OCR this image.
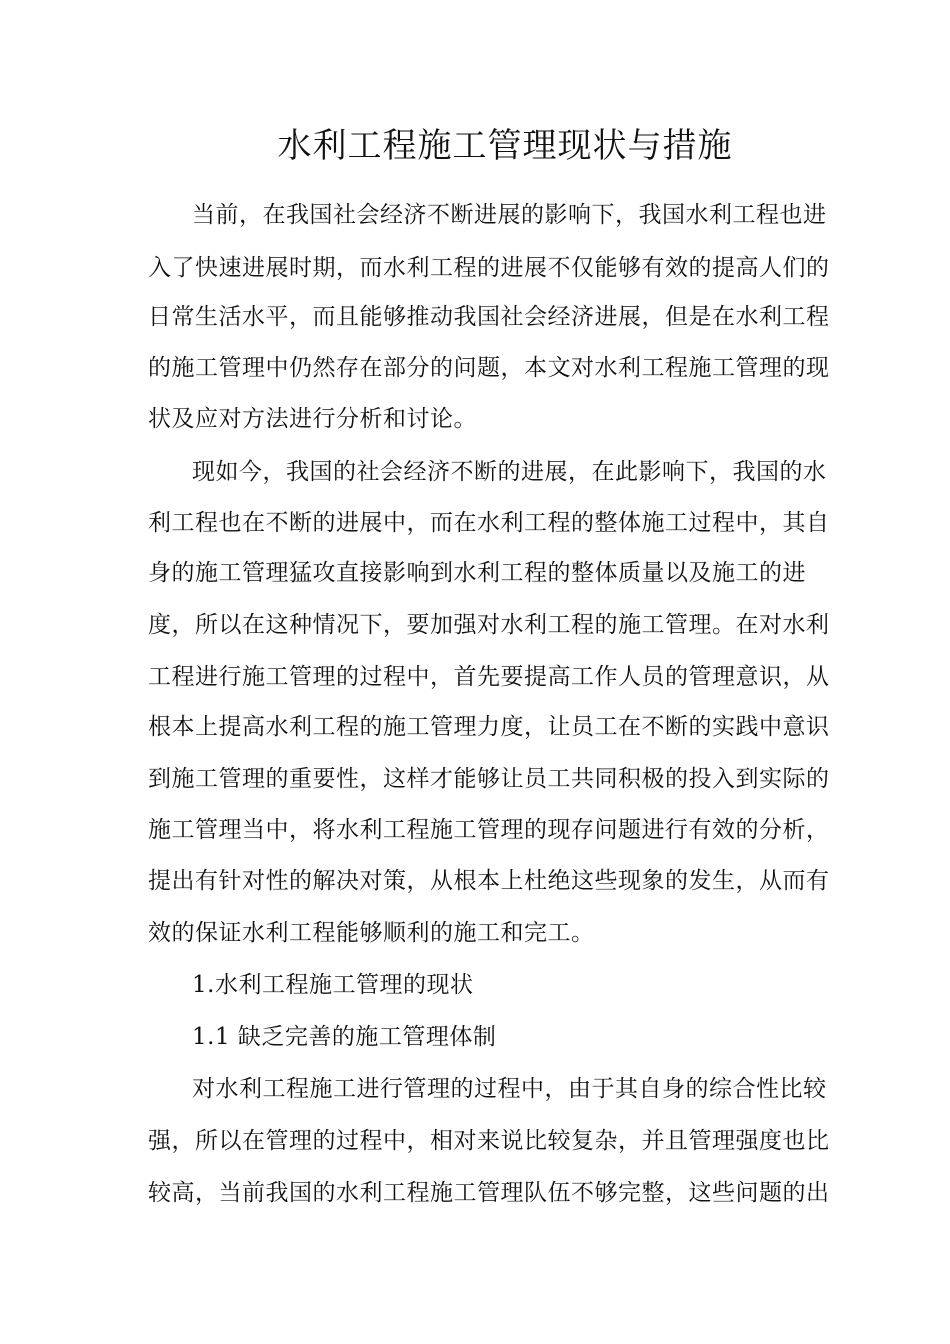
水利工程施工管理现状与措施
当前，在我国社会经济不断进展的影响下，我国水利工程也进
入了快速进展时期，而水利工程的进展不仅能够有效的提高人们的
日常生活水平，而且能够推动我国社会经济进展，但是在水利工程
的施工管理中仍然存在部分的问题，本文对水利工程施工管理的现
状及应对方法进行分析和讨论。
现如今，我国的社会经济不断的进展，在此影响下，我国的水
利工程也在不断的进展中，而在水利工程的整体施工过程中，其自
身的施工管理猛攻直接影响到水利工程的整体质量以及施工的进
度，所以在这种情况下，要加强对水利工程的施工管理。在对水利
工程进行施工管理的过程中，首先要提高工作人员的管理意识，从
根本上提高水利工程的施工管理力度，让员工在不断的实践中意识
到施工管理的重要性，这样才能够让员工共同积极的投入到实际的
施工管理当中，将水利工程施工管理的现存问题进行有效的分析，
提出有针对性的解决对策，从根本上杜绝这些现象的发生，从而有
效的保证水利工程能够顺利的施工和完工。
1.水利工程施工管理的现状
1.1 缺乏完善的施工管理体制
对水利工程施工进行管理的过程中，由于其自身的综合性比较
强，所以在管理的过程中，相对来说比较复杂，并且管理强度也比
较高，当前我国的水利工程施工管理队伍不够完整，这些问题的出
